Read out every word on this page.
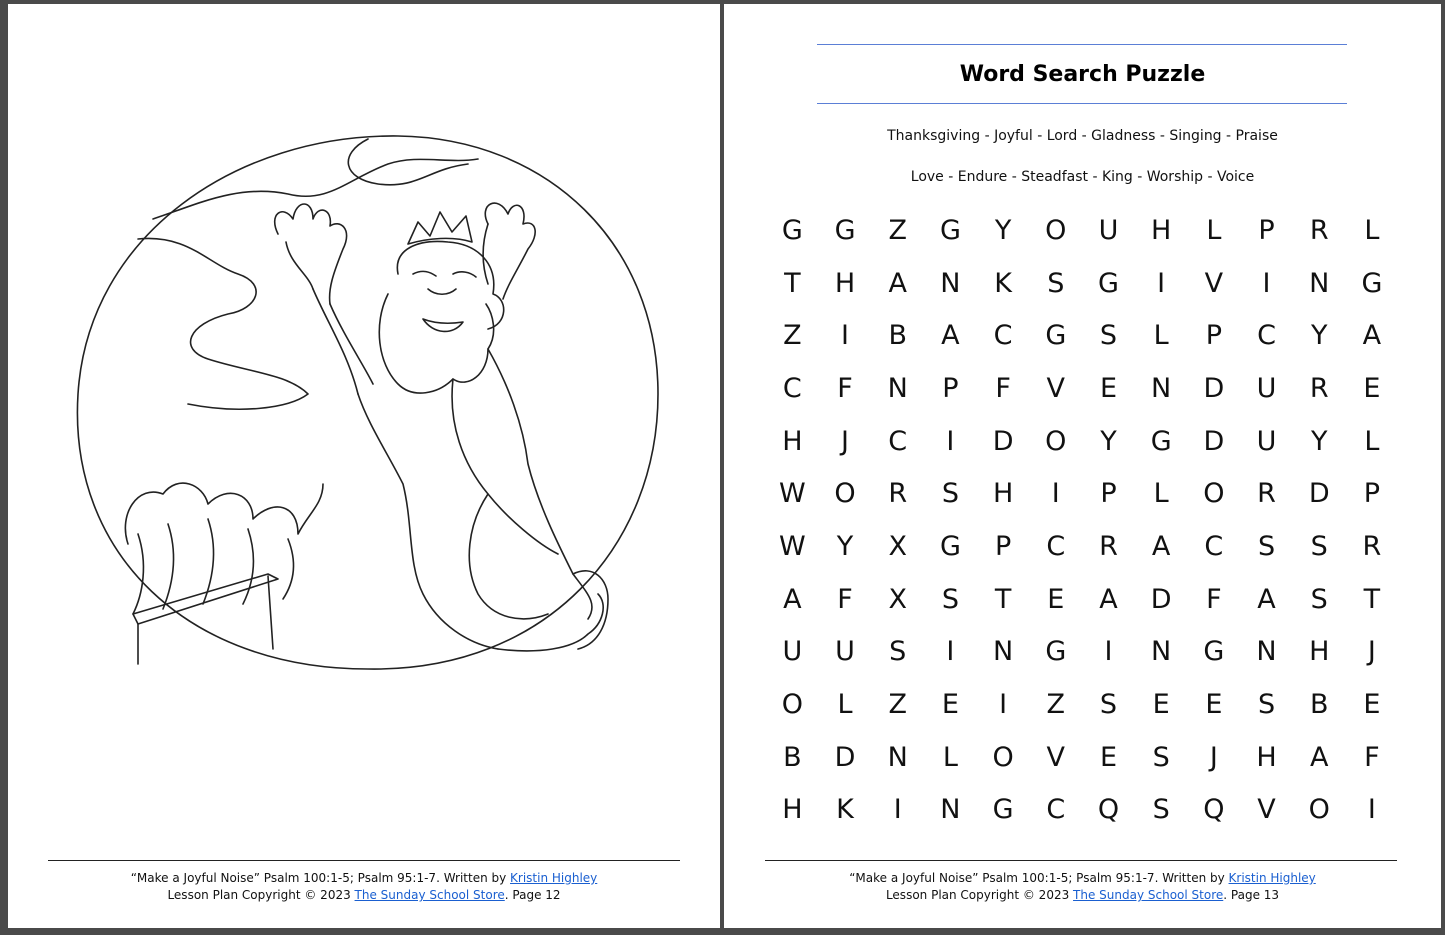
“Make a Joyful Noise” Psalm 100:1-5; Psalm 95:1-7. Written by Kristin Highley
Lesson Plan Copyright © 2023 The Sunday School Store. Page 12
Word Search Puzzle
Thanksgiving - Joyful - Lord - Gladness - Singing - Praise
Love - Endure - Steadfast - King - Worship - Voice
G	G	Z	G	Y	O	U	H	L	P	R	L
T	H	A	N	K	S	G	I	V	I	N	G
Z	I	B	A	C	G	S	L	P	C	Y	A
C	F	N	P	F	V	E	N	D	U	R	E
H	J	C	I	D	O	Y	G	D	U	Y	L
W	O	R	S	H	I	P	L	O	R	D	P
W	Y	X	G	P	C	R	A	C	S	S	R
A	F	X	S	T	E	A	D	F	A	S	T
U	U	S	I	N	G	I	N	G	N	H	J
O	L	Z	E	I	Z	S	E	E	S	B	E
B	D	N	L	O	V	E	S	J	H	A	F
H	K	I	N	G	C	Q	S	Q	V	O	I
“Make a Joyful Noise” Psalm 100:1-5; Psalm 95:1-7. Written by Kristin Highley
Lesson Plan Copyright © 2023 The Sunday School Store. Page 13
